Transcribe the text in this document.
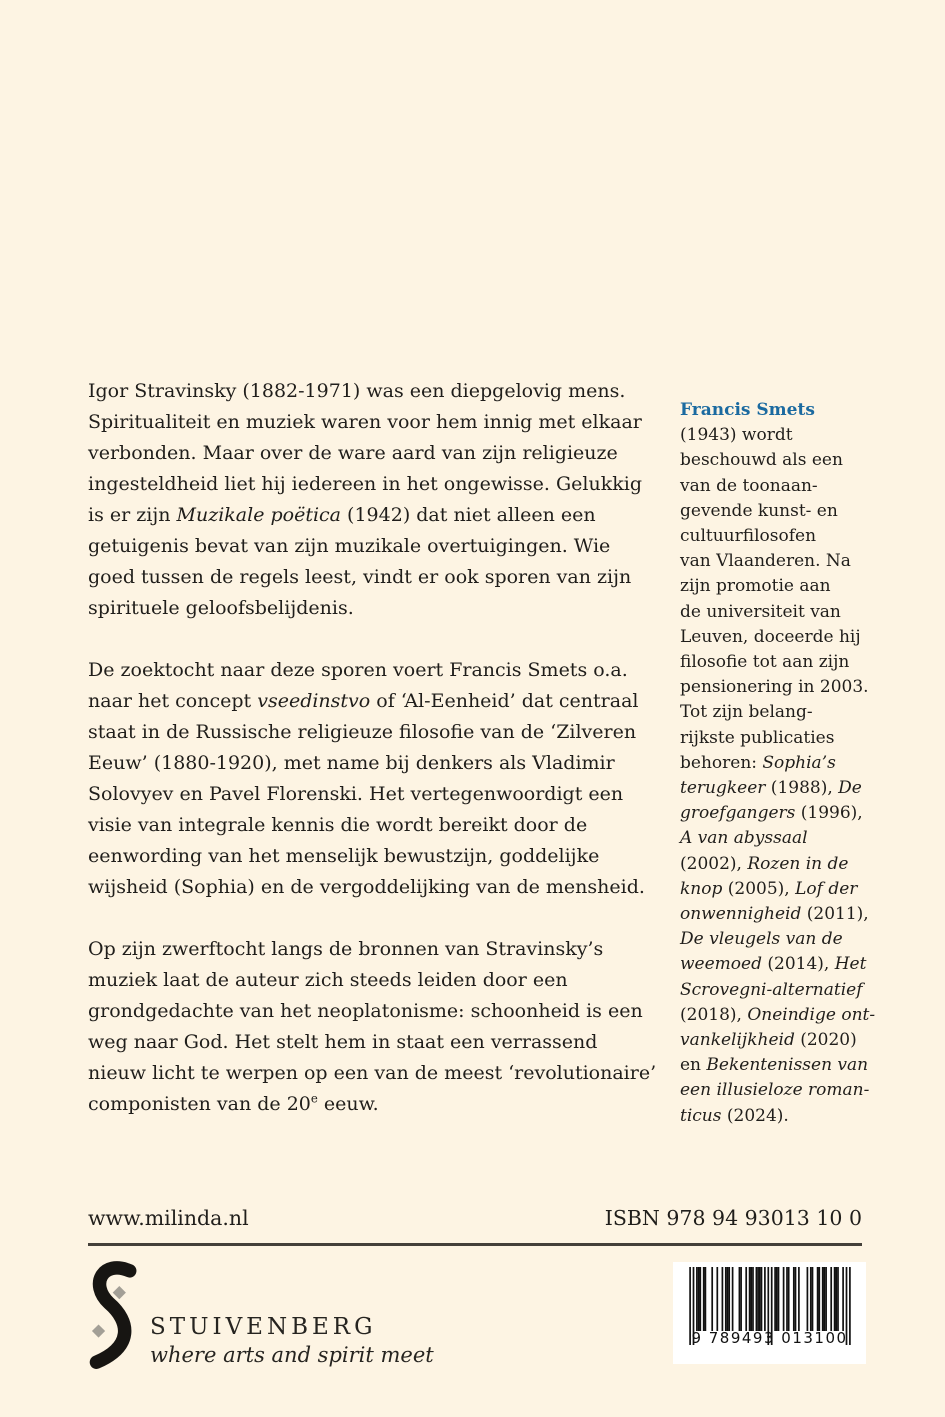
Igor Stravinsky (1882-1971) was een diepgelovig mens. Spiritualiteit en muziek waren voor hem innig met elkaar verbonden. Maar over de ware aard van zijn religieuze ingesteldheid liet hij iedereen in het ongewisse. Gelukkig is er zijn Muzikale poëtica (1942) dat niet alleen een getuigenis bevat van zijn muzikale overtuigingen. Wie goed tussen de regels leest, vindt er ook sporen van zijn spirituele geloofsbelijdenis.

De zoektocht naar deze sporen voert Francis Smets o.a. naar het concept vseedinstvo of ‘Al-Eenheid’ dat centraal staat in de Russische religieuze filosofie van de ‘Zilveren Eeuw’ (1880-1920), met name bij denkers als Vladimir Solovyev en Pavel Florenski. Het vertegenwoordigt een visie van integrale kennis die wordt bereikt door de eenwording van het menselijk bewustzijn, goddelijke wijsheid (Sophia) en de vergoddelijking van de mensheid.

Op zijn zwerftocht langs de bronnen van Stravinsky’s muziek laat de auteur zich steeds leiden door een grondgedachte van het neoplatonisme: schoonheid is een weg naar God. Het stelt hem in staat een verrassend nieuw licht te werpen op een van de meest ‘revolutionaire’ componisten van de 20e eeuw.

Francis Smets
(1943) wordt
beschouwd als een
van de toonaan-
gevende kunst- en
cultuurfilosofen
van Vlaanderen. Na
zijn promotie aan
de universiteit van
Leuven, doceerde hij
filosofie tot aan zijn
pensionering in 2003.
Tot zijn belang-
rijkste publicaties
behoren: Sophia’s
terugkeer (1988), De
groefgangers (1996),
A van abyssaal
(2002), Rozen in de
knop (2005), Lof der
onwennigheid (2011),
De vleugels van de
weemoed (2014), Het
Scrovegni-alternatief
(2018), Oneindige ont-
vankelijkheid (2020)
en Bekentenissen van
een illusieloze roman-
ticus (2024).
www.milinda.nl	ISBN 978 94 93013 10 0
STUIVENBERG
where arts and spirit meet
9 789493 013100
